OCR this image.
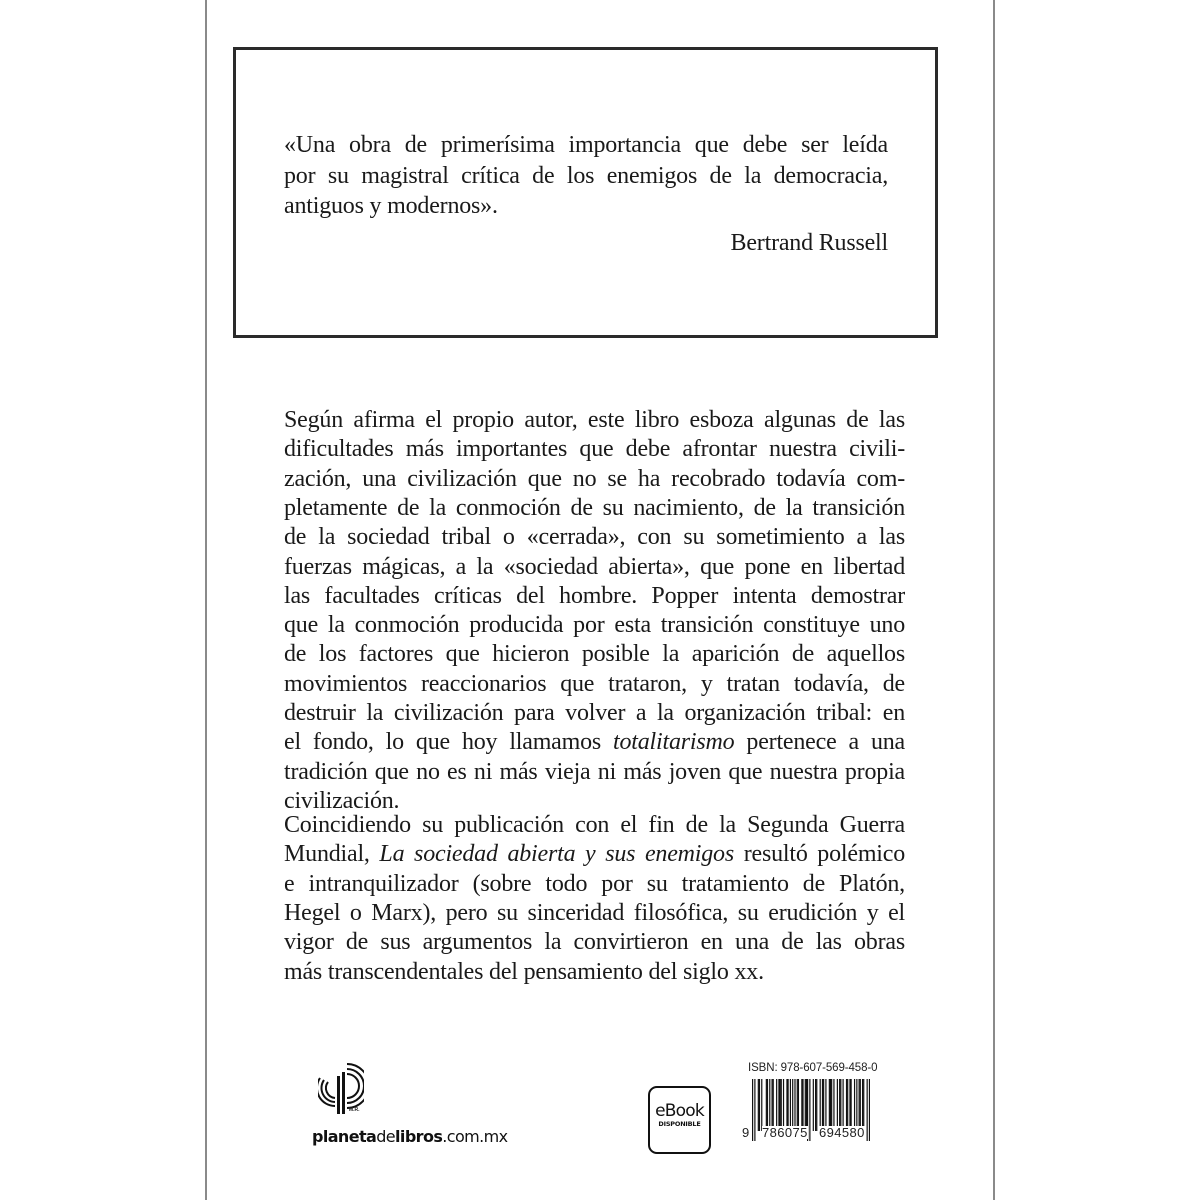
«Una obra de primerísima importancia que debe ser leída
por su magistral crítica de los enemigos de la democracia,
antiguos y modernos».
Bertrand Russell
Según afirma el propio autor, este libro esboza algunas de las
dificultades más importantes que debe afrontar nuestra civili-
zación, una civilización que no se ha recobrado todavía com-
pletamente de la conmoción de su nacimiento, de la transición
de la sociedad tribal o «cerrada», con su sometimiento a las
fuerzas mágicas, a la «sociedad abierta», que pone en libertad
las facultades críticas del hombre. Popper intenta demostrar
que la conmoción producida por esta transición constituye uno
de los factores que hicieron posible la aparición de aquellos
movimientos reaccionarios que trataron, y tratan todavía, de
destruir la civilización para volver a la organización tribal: en
el fondo, lo que hoy llamamos totalitarismo pertenece a una
tradición que no es ni más vieja ni más joven que nuestra propia
civilización.
Coincidiendo su publicación con el fin de la Segunda Guerra
Mundial, La sociedad abierta y sus enemigos resultó polémico
e intranquilizador (sobre todo por su tratamiento de Platón,
Hegel o Marx), pero su sinceridad filosófica, su erudición y el
vigor de sus argumentos la convirtieron en una de las obras
más transcendentales del pensamiento del siglo xx.
M.R.
planetadelibros.com.mx
eBook
DISPONIBLE
ISBN: 978-607-569-458-0
9 786075 694580
